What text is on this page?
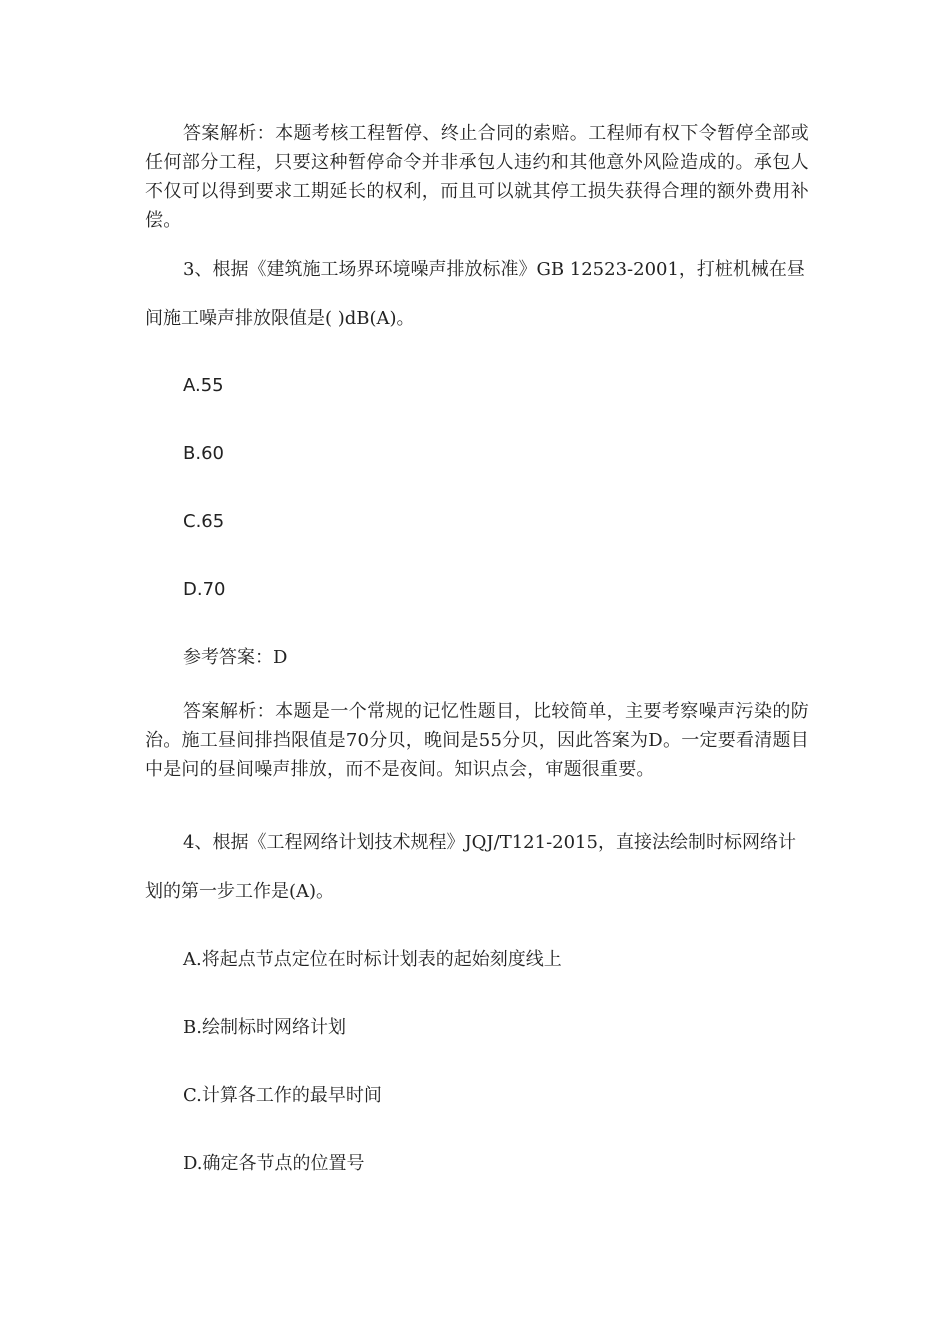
答案解析：本题考核工程暂停、终止合同的索赔。工程师有权下令暂停全部或任何部分工程，只要这种暂停命令并非承包人违约和其他意外风险造成的。承包人不仅可以得到要求工期延长的权利，而且可以就其停工损失获得合理的额外费用补偿。
3、根据《建筑施工场界环境噪声排放标准》GB 12523-2001，打桩机械在昼
间施工噪声排放限值是( )dB(A)。
A.55
B.60
C.65
D.70
参考答案：D
答案解析：本题是一个常规的记忆性题目，比较简单，主要考察噪声污染的防治。施工昼间排挡限值是70分贝，晚间是55分贝，因此答案为D。一定要看清题目中是问的昼间噪声排放，而不是夜间。知识点会，审题很重要。
4、根据《工程网络计划技术规程》JQJ/T121-2015，直接法绘制时标网络计
划的第一步工作是(A)。
A.将起点节点定位在时标计划表的起始刻度线上
B.绘制标时网络计划
C.计算各工作的最早时间
D.确定各节点的位置号
